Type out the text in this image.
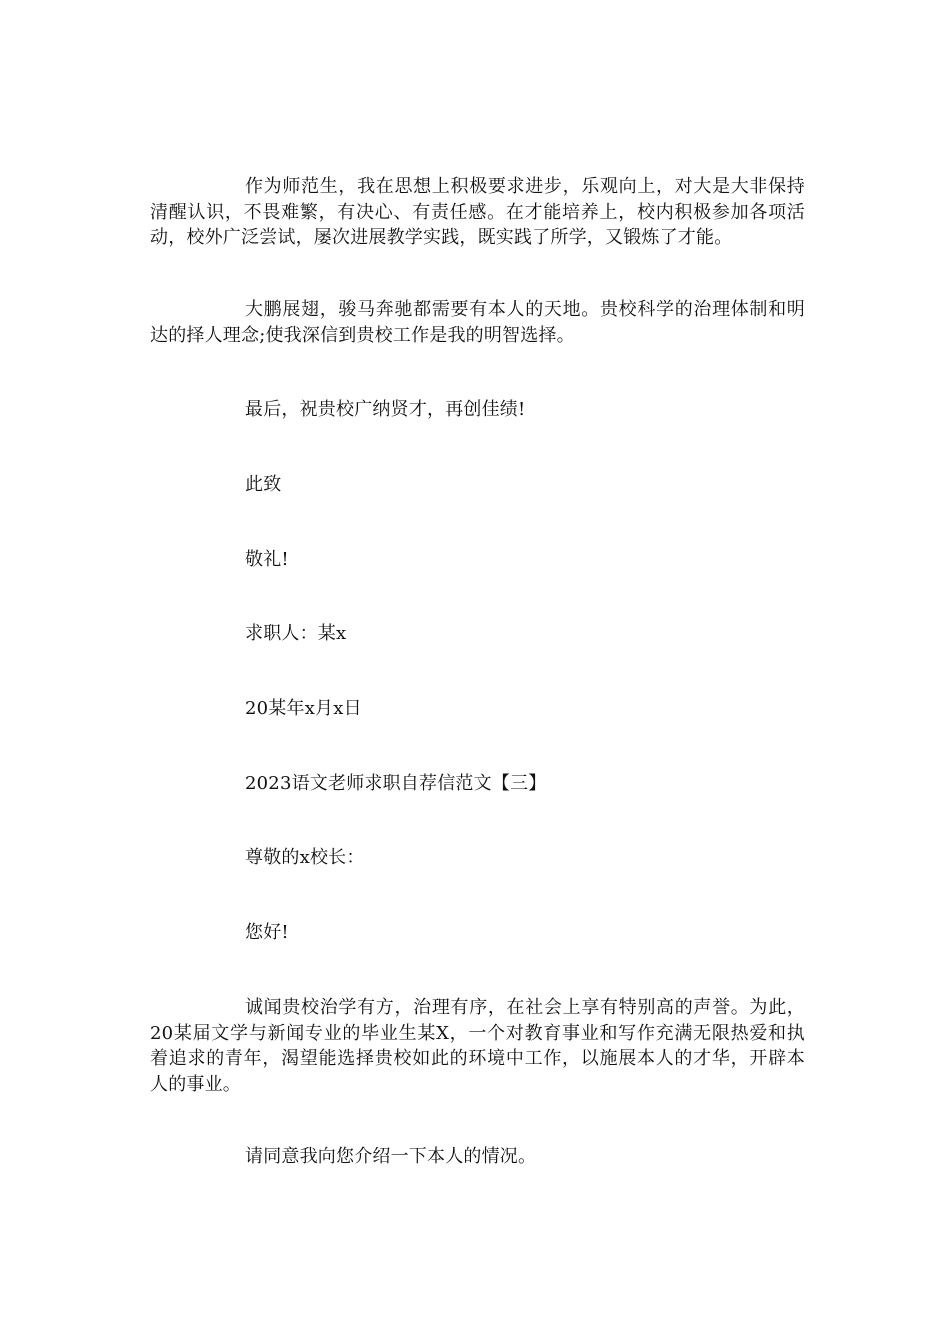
作为师范生，我在思想上积极要求进步，乐观向上，对大是大非保持清醒认识，不畏难繁，有决心、有责任感。在才能培养上，校内积极参加各项活动，校外广泛尝试，屡次进展教学实践，既实践了所学，又锻炼了才能。

大鹏展翅，骏马奔驰都需要有本人的天地。贵校科学的治理体制和明达的择人理念;使我深信到贵校工作是我的明智选择。

最后，祝贵校广纳贤才，再创佳绩!

此致

敬礼!

求职人：某x

20某年x月x日

2023语文老师求职自荐信范文【三】

尊敬的x校长：

您好!

诚闻贵校治学有方，治理有序，在社会上享有特别高的声誉。为此，20某届文学与新闻专业的毕业生某X，一个对教育事业和写作充满无限热爱和执着追求的青年，渴望能选择贵校如此的环境中工作，以施展本人的才华，开辟本人的事业。

请同意我向您介绍一下本人的情况。
